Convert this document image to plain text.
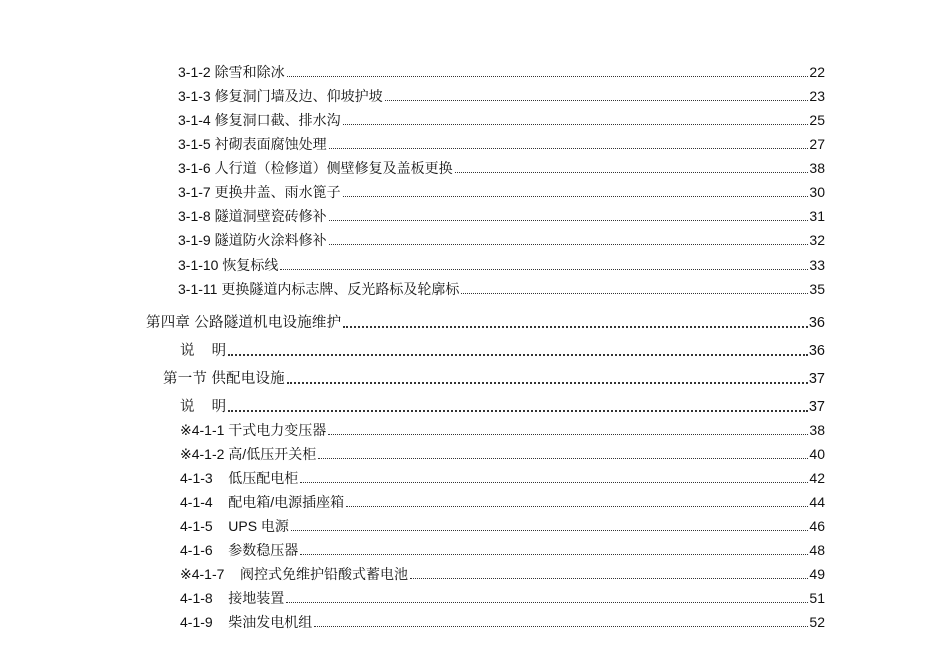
3-1-2 除雪和除冰	22
3-1-3 修复洞门墙及边、仰坡护坡	23
3-1-4 修复洞口截、排水沟	25
3-1-5 衬砌表面腐蚀处理	27
3-1-6 人行道（检修道）侧壁修复及盖板更换	38
3-1-7 更换井盖、雨水篦子	30
3-1-8 隧道洞壁瓷砖修补	31
3-1-9 隧道防火涂料修补	32
3-1-10 恢复标线	33
3-1-11 更换隧道内标志牌、反光路标及轮廓标	35
第四章 公路隧道机电设施维护	36
说    明	36
第一节 供配电设施	37
说    明	37
※4-1-1 干式电力变压器	38
※4-1-2 高/低压开关柜	40
4-1-3    低压配电柜	42
4-1-4    配电箱/电源插座箱	44
4-1-5    UPS 电源	46
4-1-6    参数稳压器	48
※4-1-7    阀控式免维护铅酸式蓄电池	49
4-1-8    接地装置	51
4-1-9    柴油发电机组	52
